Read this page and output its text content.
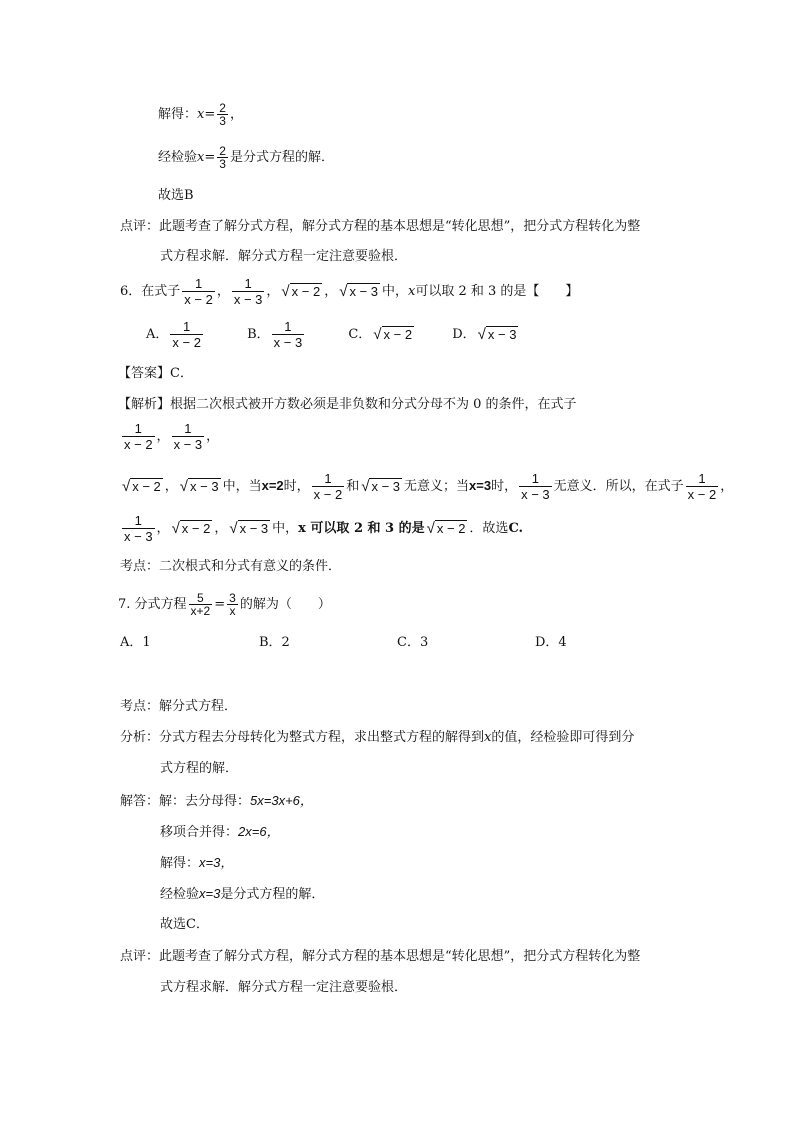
解得：$x= \frac{2}{3}$ ，
经检验$x= \frac{2}{3}$ 是分式方程的解．
故选B
点评：此题考查了解分式方程，解分式方程的基本思想是“转化思想”，把分式方程转化为整
式方程求解．解分式方程一定注意要验根．
6．在式子 $\frac{1}{x - 2}$ ， $\frac{1}{x - 3}$ ， √ x − 2 ， √ x − 3 中，x可以取 2 和 3 的是【　　】
A． $\frac{1}{x - 2}$	B． $\frac{1}{x - 3}$	C． √ x − 2	D． √ x − 3
【答案】C．
【解析】根据二次根式被开方数必须是非负数和分式分母不为 0 的条件，在式子
$\frac{1}{x - 2}$ ， $\frac{1}{x - 3}$ ，
√ x − 2 ， √ x − 3 中，当x=2时， $\frac{1}{x - 2}$ 和 √ x − 3 无意义；当x=3时， $\frac{1}{x - 3}$ 无意义．所以，在式子 $\frac{1}{x - 2}$ ，
$\frac{1}{x - 3}$ ， √ x − 2 ， √ x − 3 中，x 可以取 2 和 3 的是 √ x − 2 ．故选C.
考点：二次根式和分式有意义的条件．
7. 分式方程 $\frac{5}{x+2} = \frac{3}{x}$ 的解为（　　）
A．1	B．2	C．3	D．4
考点：解分式方程．
分析：分式方程去分母转化为整式方程，求出整式方程的解得到x的值，经检验即可得到分
式方程的解．
解答：解：去分母得：5x=3x+6，
移项合并得：2x=6，
解得：x=3，
经检验x=3是分式方程的解．
故选C．
点评：此题考查了解分式方程，解分式方程的基本思想是“转化思想”，把分式方程转化为整
式方程求解．解分式方程一定注意要验根．
